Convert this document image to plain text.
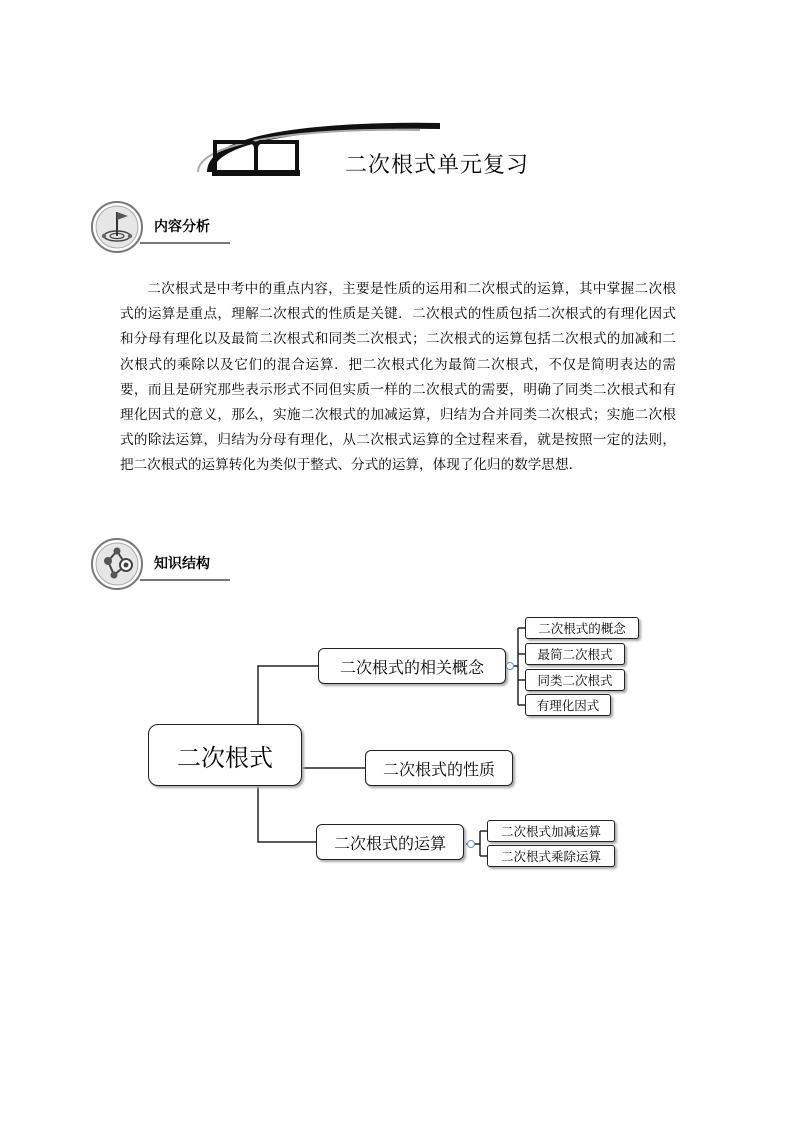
二次根式单元复习
内容分析
二次根式是中考中的重点内容，主要是性质的运用和二次根式的运算，其中掌握二次根式的运算是重点，理解二次根式的性质是关键．二次根式的性质包括二次根式的有理化因式和分母有理化以及最简二次根式和同类二次根式；二次根式的运算包括二次根式的加减和二次根式的乘除以及它们的混合运算．把二次根式化为最简二次根式，不仅是简明表达的需要，而且是研究那些表示形式不同但实质一样的二次根式的需要，明确了同类二次根式和有理化因式的意义，那么，实施二次根式的加减运算，归结为合并同类二次根式；实施二次根式的除法运算，归结为分母有理化，从二次根式运算的全过程来看，就是按照一定的法则，把二次根式的运算转化为类似于整式、分式的运算，体现了化归的数学思想．
知识结构
二次根式
二次根式的相关概念
二次根式的性质
二次根式的运算
二次根式的概念
最简二次根式
同类二次根式
有理化因式
二次根式加减运算
二次根式乘除运算
